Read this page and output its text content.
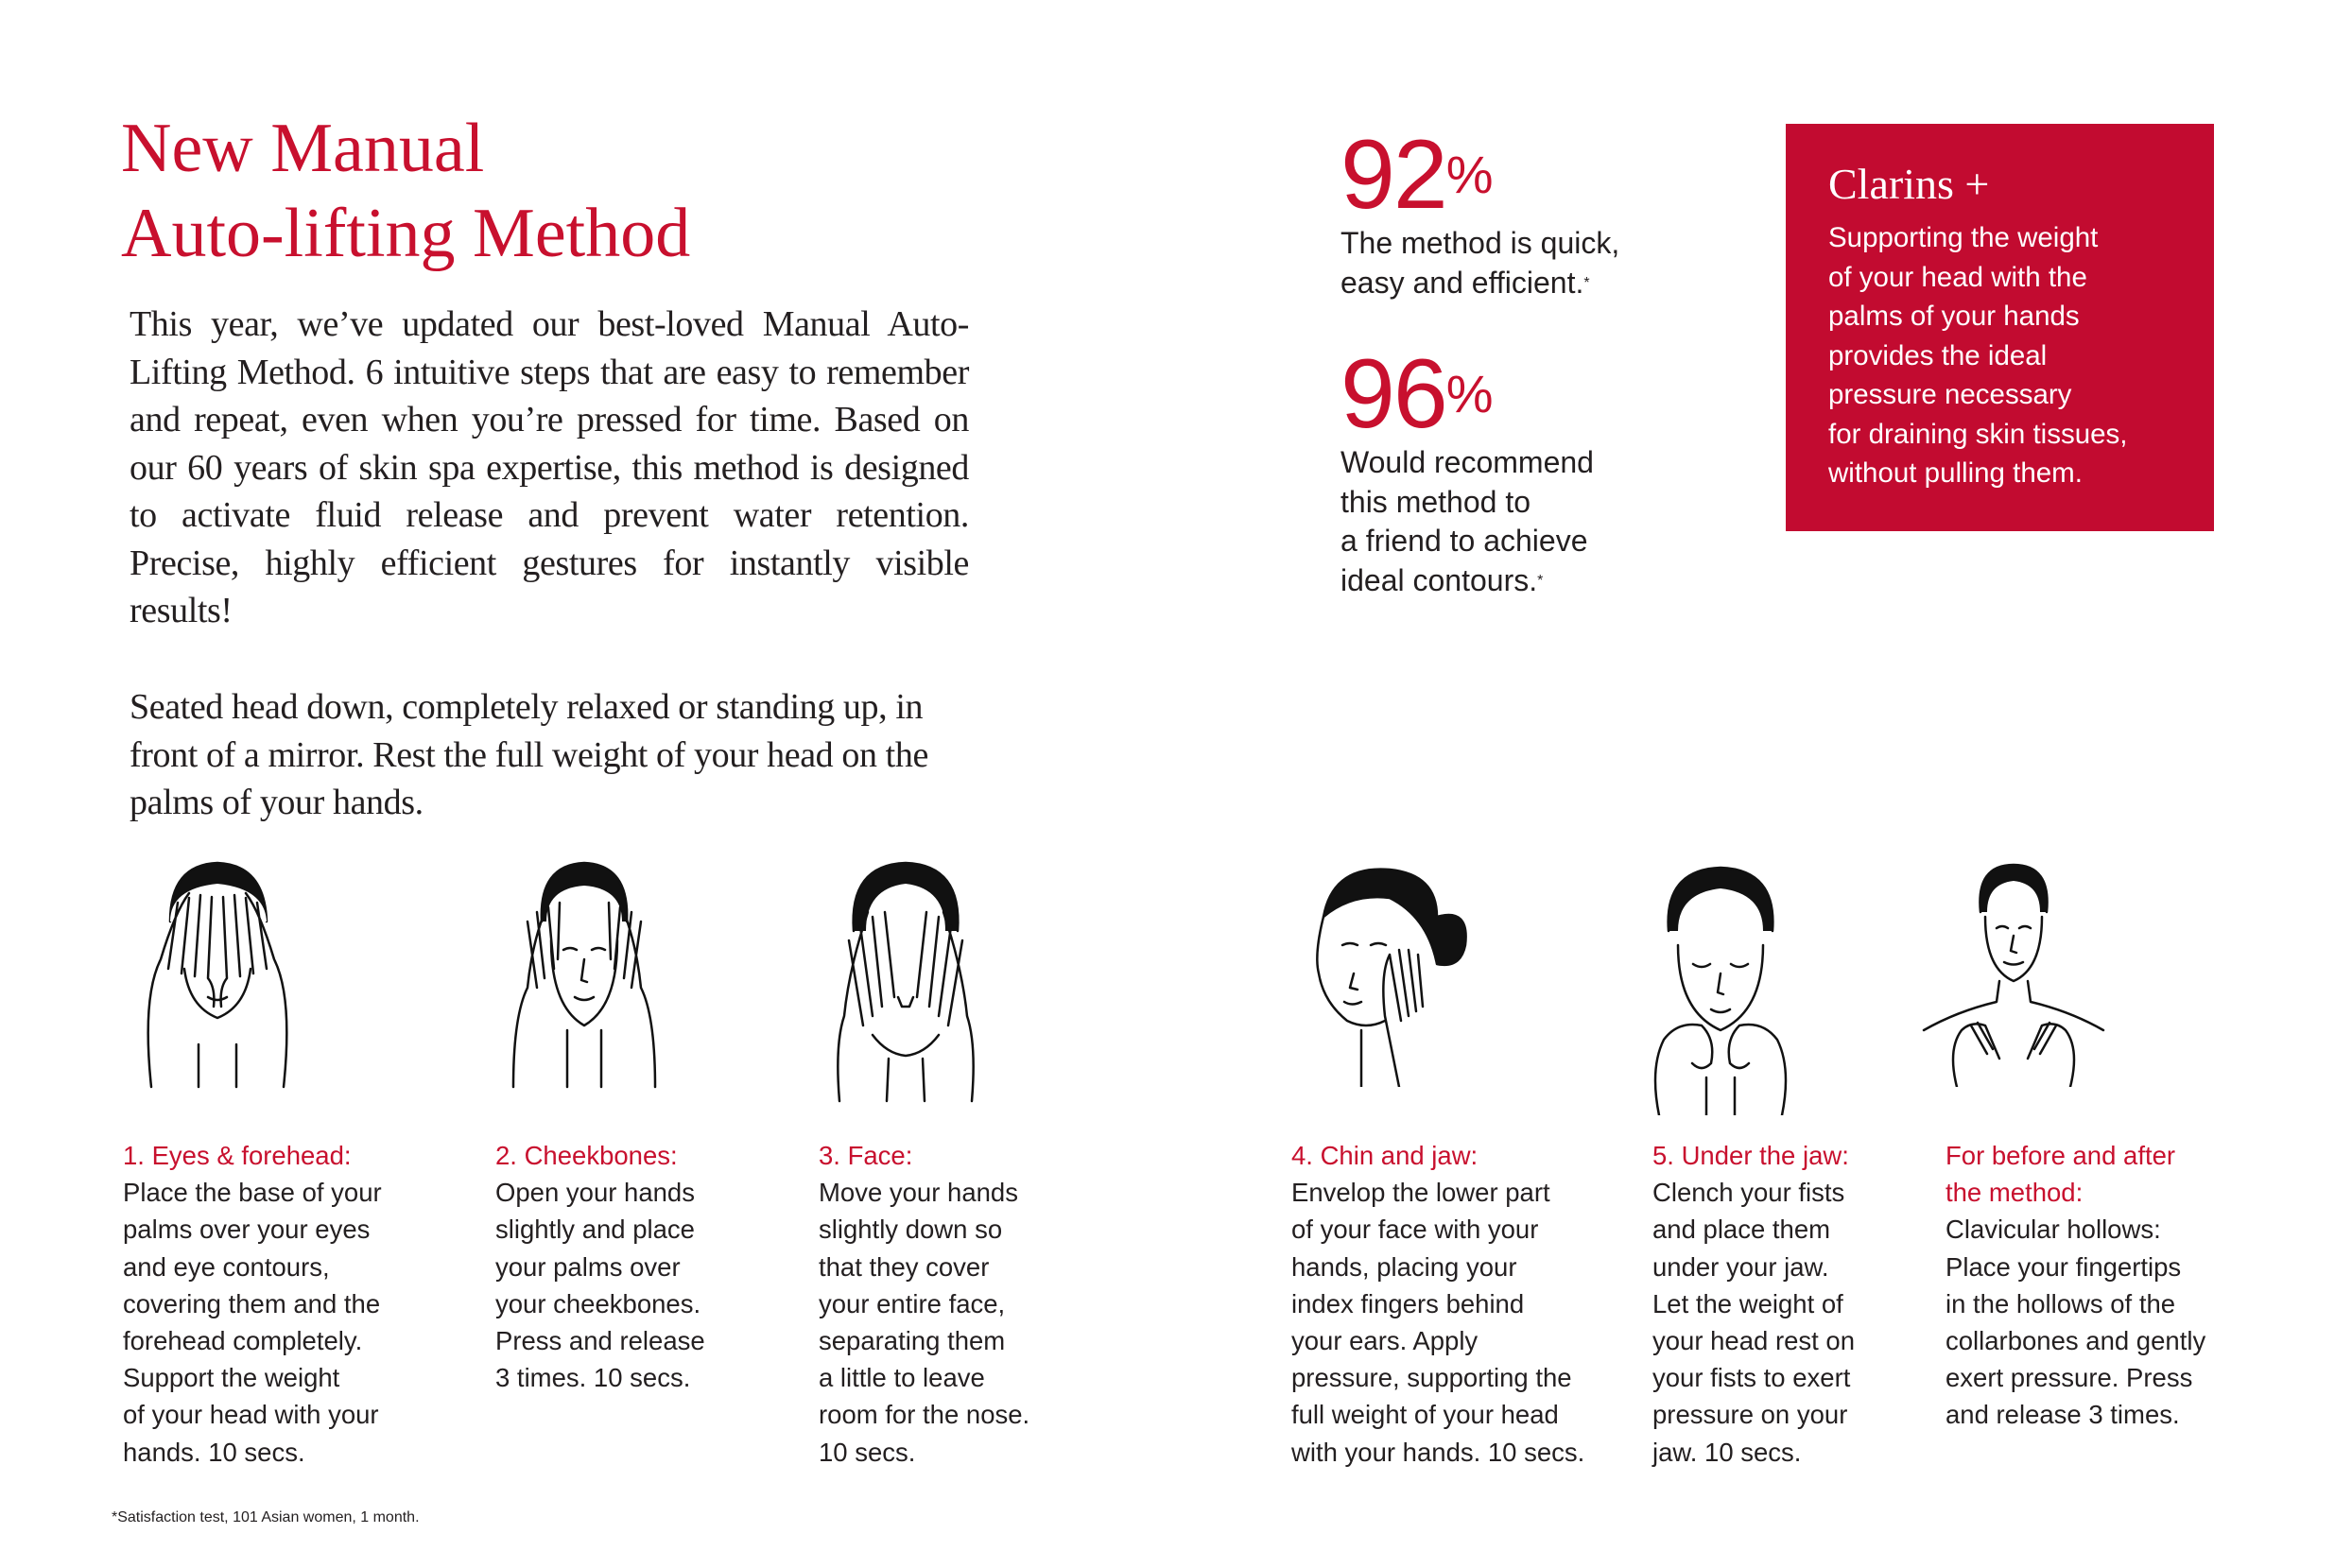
New Manual
Auto-lifting Method

This year, we’ve updated our best-loved Manual Auto-Lifting Method. 6 intuitive steps that are easy to remember and repeat, even when you’re pressed for time. Based on our 60 years of skin spa expertise, this method is designed to activate fluid release and prevent water retention. Precise, highly efficient gestures for instantly visible results!

Seated head down, completely relaxed or standing up, in front of a mirror. Rest the full weight of your head on the palms of your hands.

92%
The method is quick,
easy and efficient.*
96%
Would recommend
this method to
a friend to achieve
ideal contours.*
Clarins +
Supporting the weight
of your head with the
palms of your hands
provides the ideal
pressure necessary
for draining skin tissues,
without pulling them.
1. Eyes & forehead:
Place the base of your
palms over your eyes
and eye contours,
covering them and the
forehead completely.
Support the weight
of your head with your
hands. 10 secs.
2. Cheekbones:
Open your hands
slightly and place
your palms over
your cheekbones.
Press and release
3 times. 10 secs.
3. Face:
Move your hands
slightly down so
that they cover
your entire face,
separating them
a little to leave
room for the nose.
10 secs.
4. Chin and jaw:
Envelop the lower part
of your face with your
hands, placing your
index fingers behind
your ears. Apply
pressure, supporting the
full weight of your head
with your hands. 10 secs.
5. Under the jaw:
Clench your fists
and place them
under your jaw.
Let the weight of
your head rest on
your fists to exert
pressure on your
jaw. 10 secs.
For before and after
the method:
Clavicular hollows:
Place your fingertips
in the hollows of the
collarbones and gently
exert pressure. Press
and release 3 times.
*Satisfaction test, 101 Asian women, 1 month.
